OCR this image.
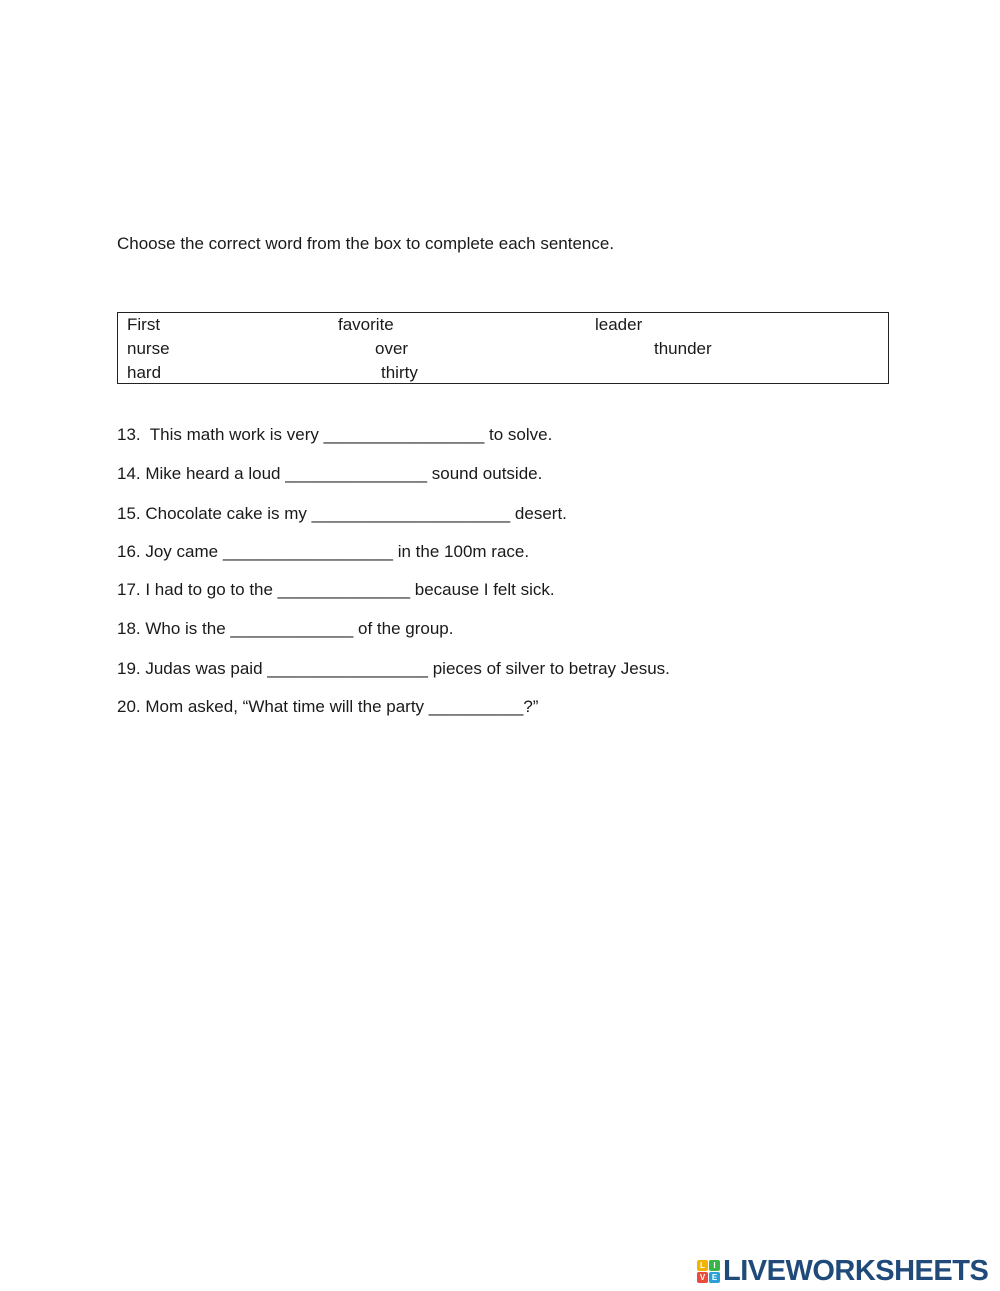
Choose the correct word from the box to complete each sentence.
First	favorite	leader
nurse	over	thunder
hard	thirty
13.  This math work is very _________________ to solve.
14. Mike heard a loud _______________ sound outside.
15. Chocolate cake is my _____________________ desert.
16. Joy came __________________ in the 100m race.
17. I had to go to the ______________ because I felt sick.
18. Who is the _____________ of the group.
19. Judas was paid _________________ pieces of silver to betray Jesus.
20. Mom asked, “What time will the party __________?”
L	I
V E LIVEWORKSHEETS
